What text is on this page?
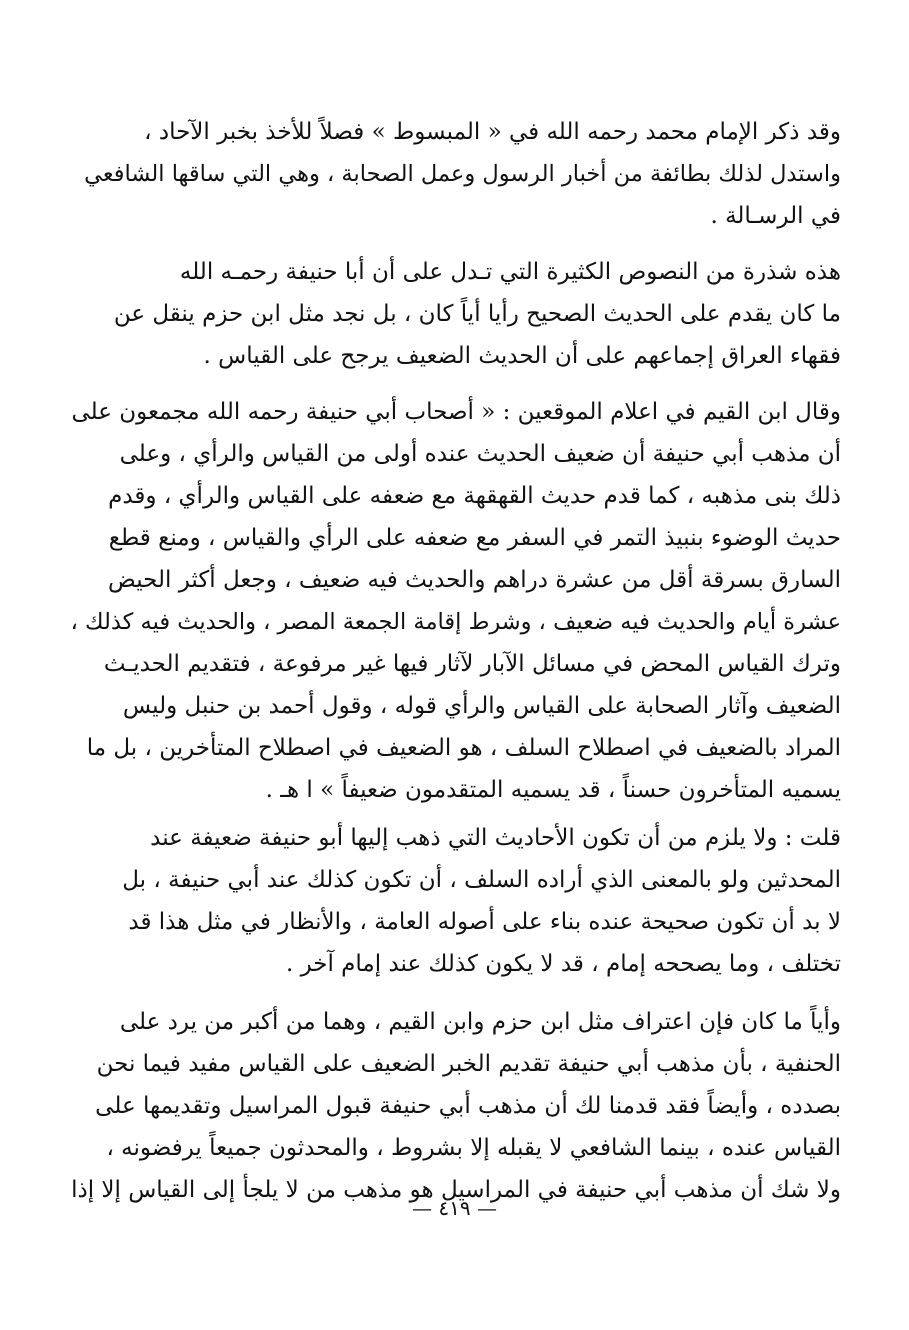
وقد ذكر الإمام محمد رحمه الله في « المبسوط » فصلاً للأخذ بخبر الآحاد ،
واستدل لذلك بطائفة من أخبار الرسول وعمل الصحابة ، وهي التي ساقها الشافعي
في الرسـالة .

هذه شذرة من النصوص الكثيرة التي تـدل على أن أبا حنيفة رحمـه الله
ما كان يقدم على الحديث الصحيح رأيا أياً كان ، بل نجد مثل ابن حزم ينقل عن
فقهاء العراق إجماعهم على أن الحديث الضعيف يرجح على القياس .

وقال ابن القيم في اعلام الموقعين : « أصحاب أبي حنيفة رحمه الله مجمعون على
أن مذهب أبي حنيفة أن ضعيف الحديث عنده أولى من القياس والرأي ، وعلى
ذلك بنى مذهبه ، كما قدم حديث القهقهة مع ضعفه على القياس والرأي ، وقدم
حديث الوضوء بنبيذ التمر في السفر مع ضعفه على الرأي والقياس ، ومنع قطع
السارق بسرقة أقل من عشرة دراهم والحديث فيه ضعيف ، وجعل أكثر الحيض
عشرة أيام والحديث فيه ضعيف ، وشرط إقامة الجمعة المصر ، والحديث فيه كذلك ،
وترك القياس المحض في مسائل الآبار لآثار فيها غير مرفوعة ، فتقديم الحديـث
الضعيف وآثار الصحابة على القياس والرأي قوله ، وقول أحمد بن حنبل وليس
المراد بالضعيف في اصطلاح السلف ، هو الضعيف في اصطلاح المتأخرين ، بل ما
يسميه المتأخرون حسناً ، قد يسميه المتقدمون ضعيفاً » ا هـ .

قلت : ولا يلزم من أن تكون الأحاديث التي ذهب إليها أبو حنيفة ضعيفة عند
المحدثين ولو بالمعنى الذي أراده السلف ، أن تكون كذلك عند أبي حنيفة ، بل
لا بد أن تكون صحيحة عنده بناء على أصوله العامة ، والأنظار في مثل هذا قد
تختلف ، وما يصححه إمام ، قد لا يكون كذلك عند إمام آخر .

وأياً ما كان فإن اعتراف مثل ابن حزم وابن القيم ، وهما من أكبر من يرد على
الحنفية ، بأن مذهب أبي حنيفة تقديم الخبر الضعيف على القياس مفيد فيما نحن
بصدده ، وأيضاً فقد قدمنا لك أن مذهب أبي حنيفة قبول المراسيل وتقديمها على
القياس عنده ، بينما الشافعي لا يقبله إلا بشروط ، والمحدثون جميعاً يرفضونه ،
ولا شك أن مذهب أبي حنيفة في المراسيل هو مذهب من لا يلجأ إلى القياس إلا إذا

— ٤١٩ —
